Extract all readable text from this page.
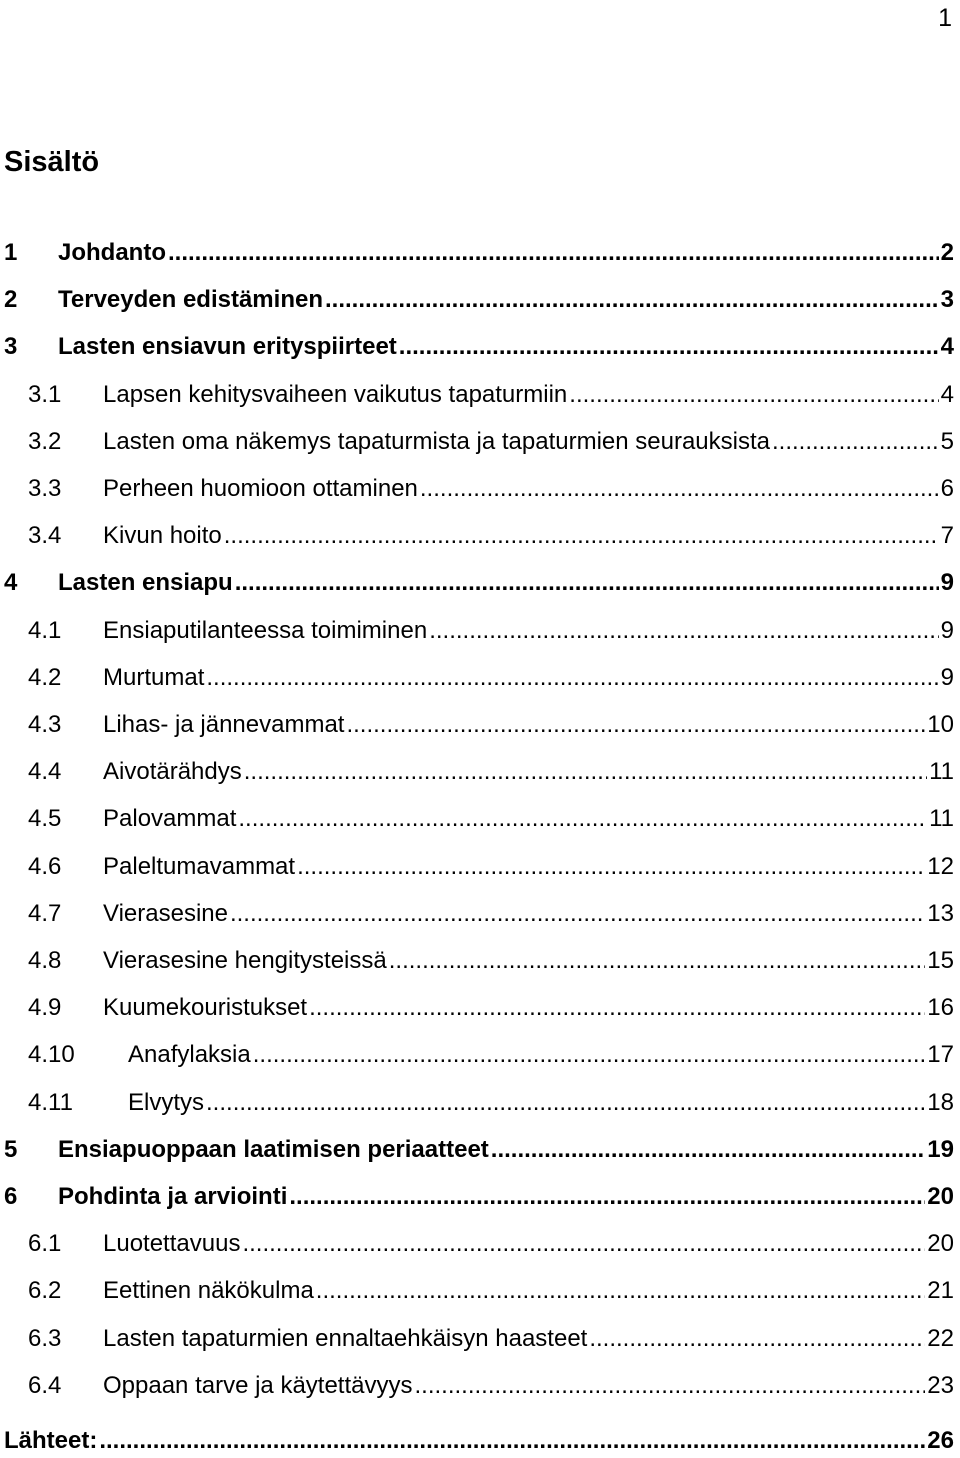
1
Sisältö
1	Johdanto .....	2
2	Terveyden edistäminen .....	3
3	Lasten ensiavun erityspiirteet .....	4
3.1	Lapsen kehitysvaiheen vaikutus tapaturmiin .....	4
3.2	Lasten oma näkemys tapaturmista ja tapaturmien seurauksista .....	5
3.3	Perheen huomioon ottaminen .....	6
3.4	Kivun hoito .....	7
4	Lasten ensiapu .....	9
4.1	Ensiaputilanteessa toimiminen .....	9
4.2	Murtumat .....	9
4.3	Lihas- ja jännevammat .....	10
4.4	Aivotärähdys .....	11
4.5	Palovammat .....	11
4.6	Paleltumavammat .....	12
4.7	Vierasesine .....	13
4.8	Vierasesine hengitysteissä .....	15
4.9	Kuumekouristukset .....	16
4.10	Anafylaksia .....	17
4.11	Elvytys .....	18
5	Ensiapuoppaan laatimisen periaatteet .....	19
6	Pohdinta ja arviointi .....	20
6.1	Luotettavuus .....	20
6.2	Eettinen näkökulma .....	21
6.3	Lasten tapaturmien ennaltaehkäisyn haasteet .....	22
6.4	Oppaan tarve ja käytettävyys .....	23
Lähteet: .....	26
